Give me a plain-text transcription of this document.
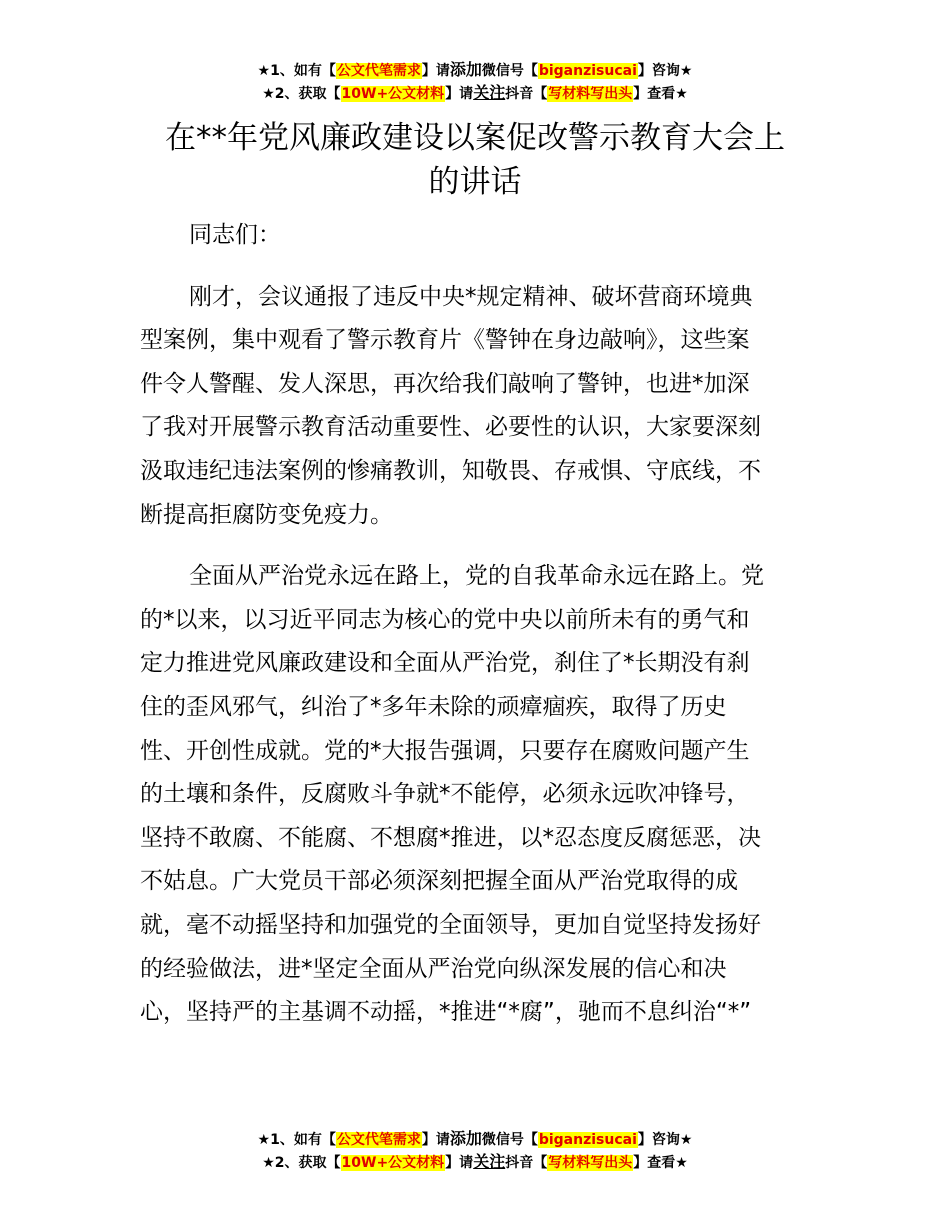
★1、如有【公文代笔需求】请添加微信号【biganzisucai】咨询★
★2、获取【10W+公文材料】请关注抖音【写材料写出头】查看★
在**年党风廉政建设以案促改警示教育大会上
的讲话

同志们：

刚才，会议通报了违反中央*规定精神、破坏营商环境典
型案例，集中观看了警示教育片《警钟在身边敲响》，这些案
件令人警醒、发人深思，再次给我们敲响了警钟，也进*加深
了我对开展警示教育活动重要性、必要性的认识，大家要深刻
汲取违纪违法案例的惨痛教训，知敬畏、存戒惧、守底线，不
断提高拒腐防变免疫力。

全面从严治党永远在路上，党的自我革命永远在路上。党
的*以来，以习近平同志为核心的党中央以前所未有的勇气和
定力推进党风廉政建设和全面从严治党，刹住了*长期没有刹
住的歪风邪气，纠治了*多年未除的顽瘴痼疾，取得了历史
性、开创性成就。党的*大报告强调，只要存在腐败问题产生
的土壤和条件，反腐败斗争就*不能停，必须永远吹冲锋号，
坚持不敢腐、不能腐、不想腐*推进，以*忍态度反腐惩恶，决
不姑息。广大党员干部必须深刻把握全面从严治党取得的成
就，毫不动摇坚持和加强党的全面领导，更加自觉坚持发扬好
的经验做法，进*坚定全面从严治党向纵深发展的信心和决
心，坚持严的主基调不动摇，*推进“*腐”，驰而不息纠治“*”

★1、如有【公文代笔需求】请添加微信号【biganzisucai】咨询★
★2、获取【10W+公文材料】请关注抖音【写材料写出头】查看★
